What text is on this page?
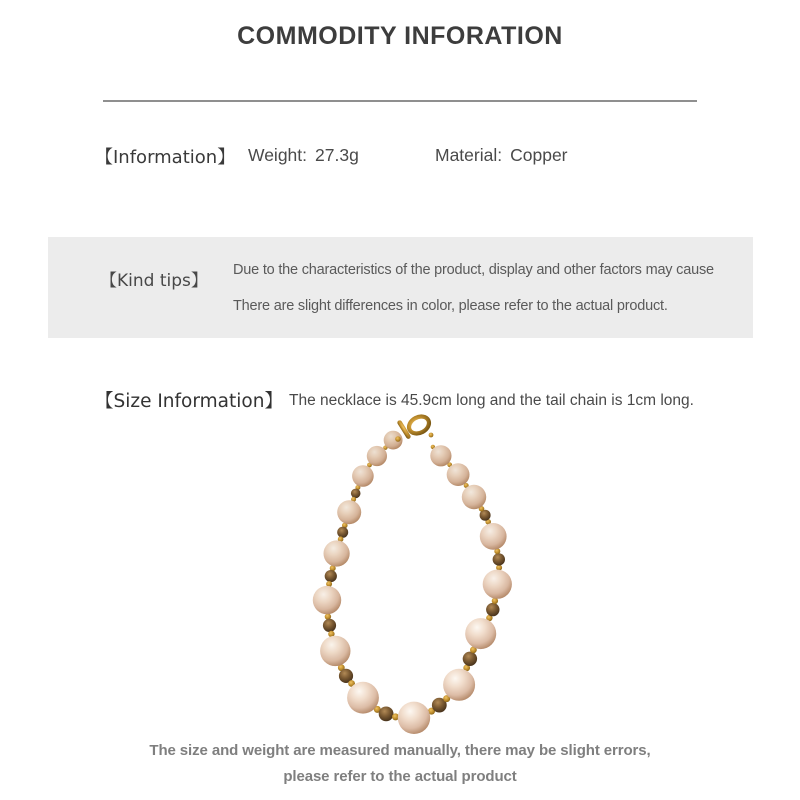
COMMODITY INFORATION
【Information】 Weight: 27.3g	Material: Copper
【Kind tips】
Due to the characteristics of the product, display and other factors may cause
There are slight differences in color, please refer to the actual product.
【Size Information】 The necklace is 45.9cm long and the tail chain is 1cm long.
The size and weight are measured manually, there may be slight errors,
please refer to the actual product
